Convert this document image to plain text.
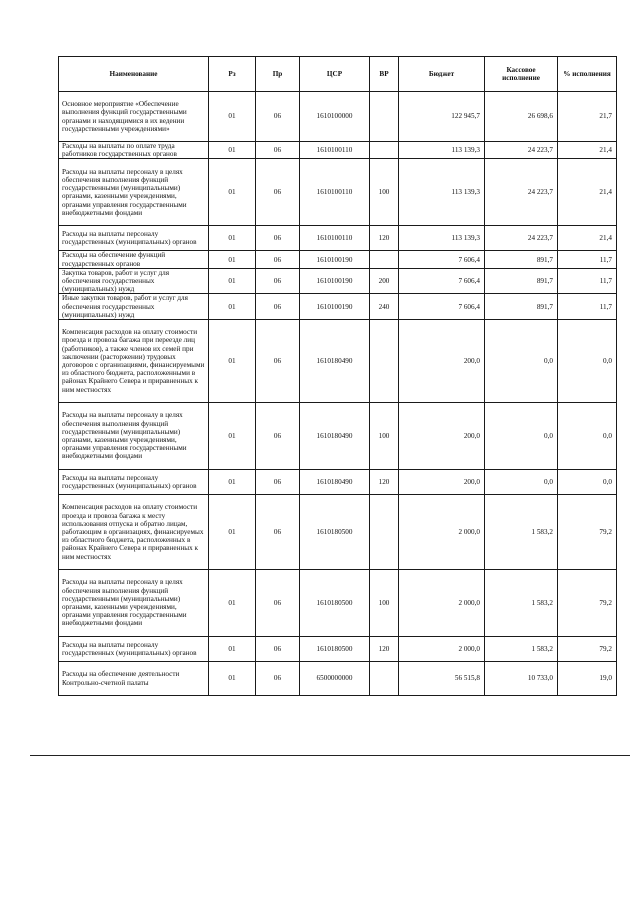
Наименование	Рз	Пр	ЦСР	ВР	Бюджет	Кассовое исполнение	% исполнения
Основное мероприятие «Обеспечение выполнения функций государственными органами и находящимися в их ведении государственными учреждениями»	01	06	1610100000		122 945,7	26 698,6	21,7
Расходы на выплаты по оплате труда работников государственных органов	01	06	1610100110		113 139,3	24 223,7	21,4
Расходы на выплаты персоналу в целях обеспечения выполнения функций государственными (муниципальными) органами, казенными учреждениями, органами управления государственными внебюджетными фондами	01	06	1610100110	100	113 139,3	24 223,7	21,4
Расходы на выплаты персоналу государственных (муниципальных) органов	01	06	1610100110	120	113 139,3	24 223,7	21,4
Расходы на обеспечение функций государственных органов	01	06	1610100190		7 606,4	891,7	11,7
Закупка товаров, работ и услуг для обеспечения государственных (муниципальных) нужд	01	06	1610100190	200	7 606,4	891,7	11,7
Иные закупки товаров, работ и услуг для обеспечения государственных (муниципальных) нужд	01	06	1610100190	240	7 606,4	891,7	11,7
Компенсация расходов на оплату стоимости проезда и провоза багажа при переезде лиц (работников), а также членов их семей при заключении (расторжении) трудовых договоров с организациями, финансируемыми из областного бюджета, расположенными в районах Крайнего Севера и приравненных к ним местностях	01	06	1610180490		200,0	0,0	0,0
Расходы на выплаты персоналу в целях обеспечения выполнения функций государственными (муниципальными) органами, казенными учреждениями, органами управления государственными внебюджетными фондами	01	06	1610180490	100	200,0	0,0	0,0
Расходы на выплаты персоналу государственных (муниципальных) органов	01	06	1610180490	120	200,0	0,0	0,0
Компенсация расходов на оплату стоимости проезда и провоза багажа к месту использования отпуска и обратно лицам, работающим в организациях, финансируемых из областного бюджета, расположенных в районах Крайнего Севера и приравненных к ним местностях	01	06	1610180500		2 000,0	1 583,2	79,2
Расходы на выплаты персоналу в целях обеспечения выполнения функций государственными (муниципальными) органами, казенными учреждениями, органами управления государственными внебюджетными фондами	01	06	1610180500	100	2 000,0	1 583,2	79,2
Расходы на выплаты персоналу государственных (муниципальных) органов	01	06	1610180500	120	2 000,0	1 583,2	79,2
Расходы на обеспечение деятельности Контрольно-счетной палаты	01	06	6500000000		56 515,8	10 733,0	19,0
